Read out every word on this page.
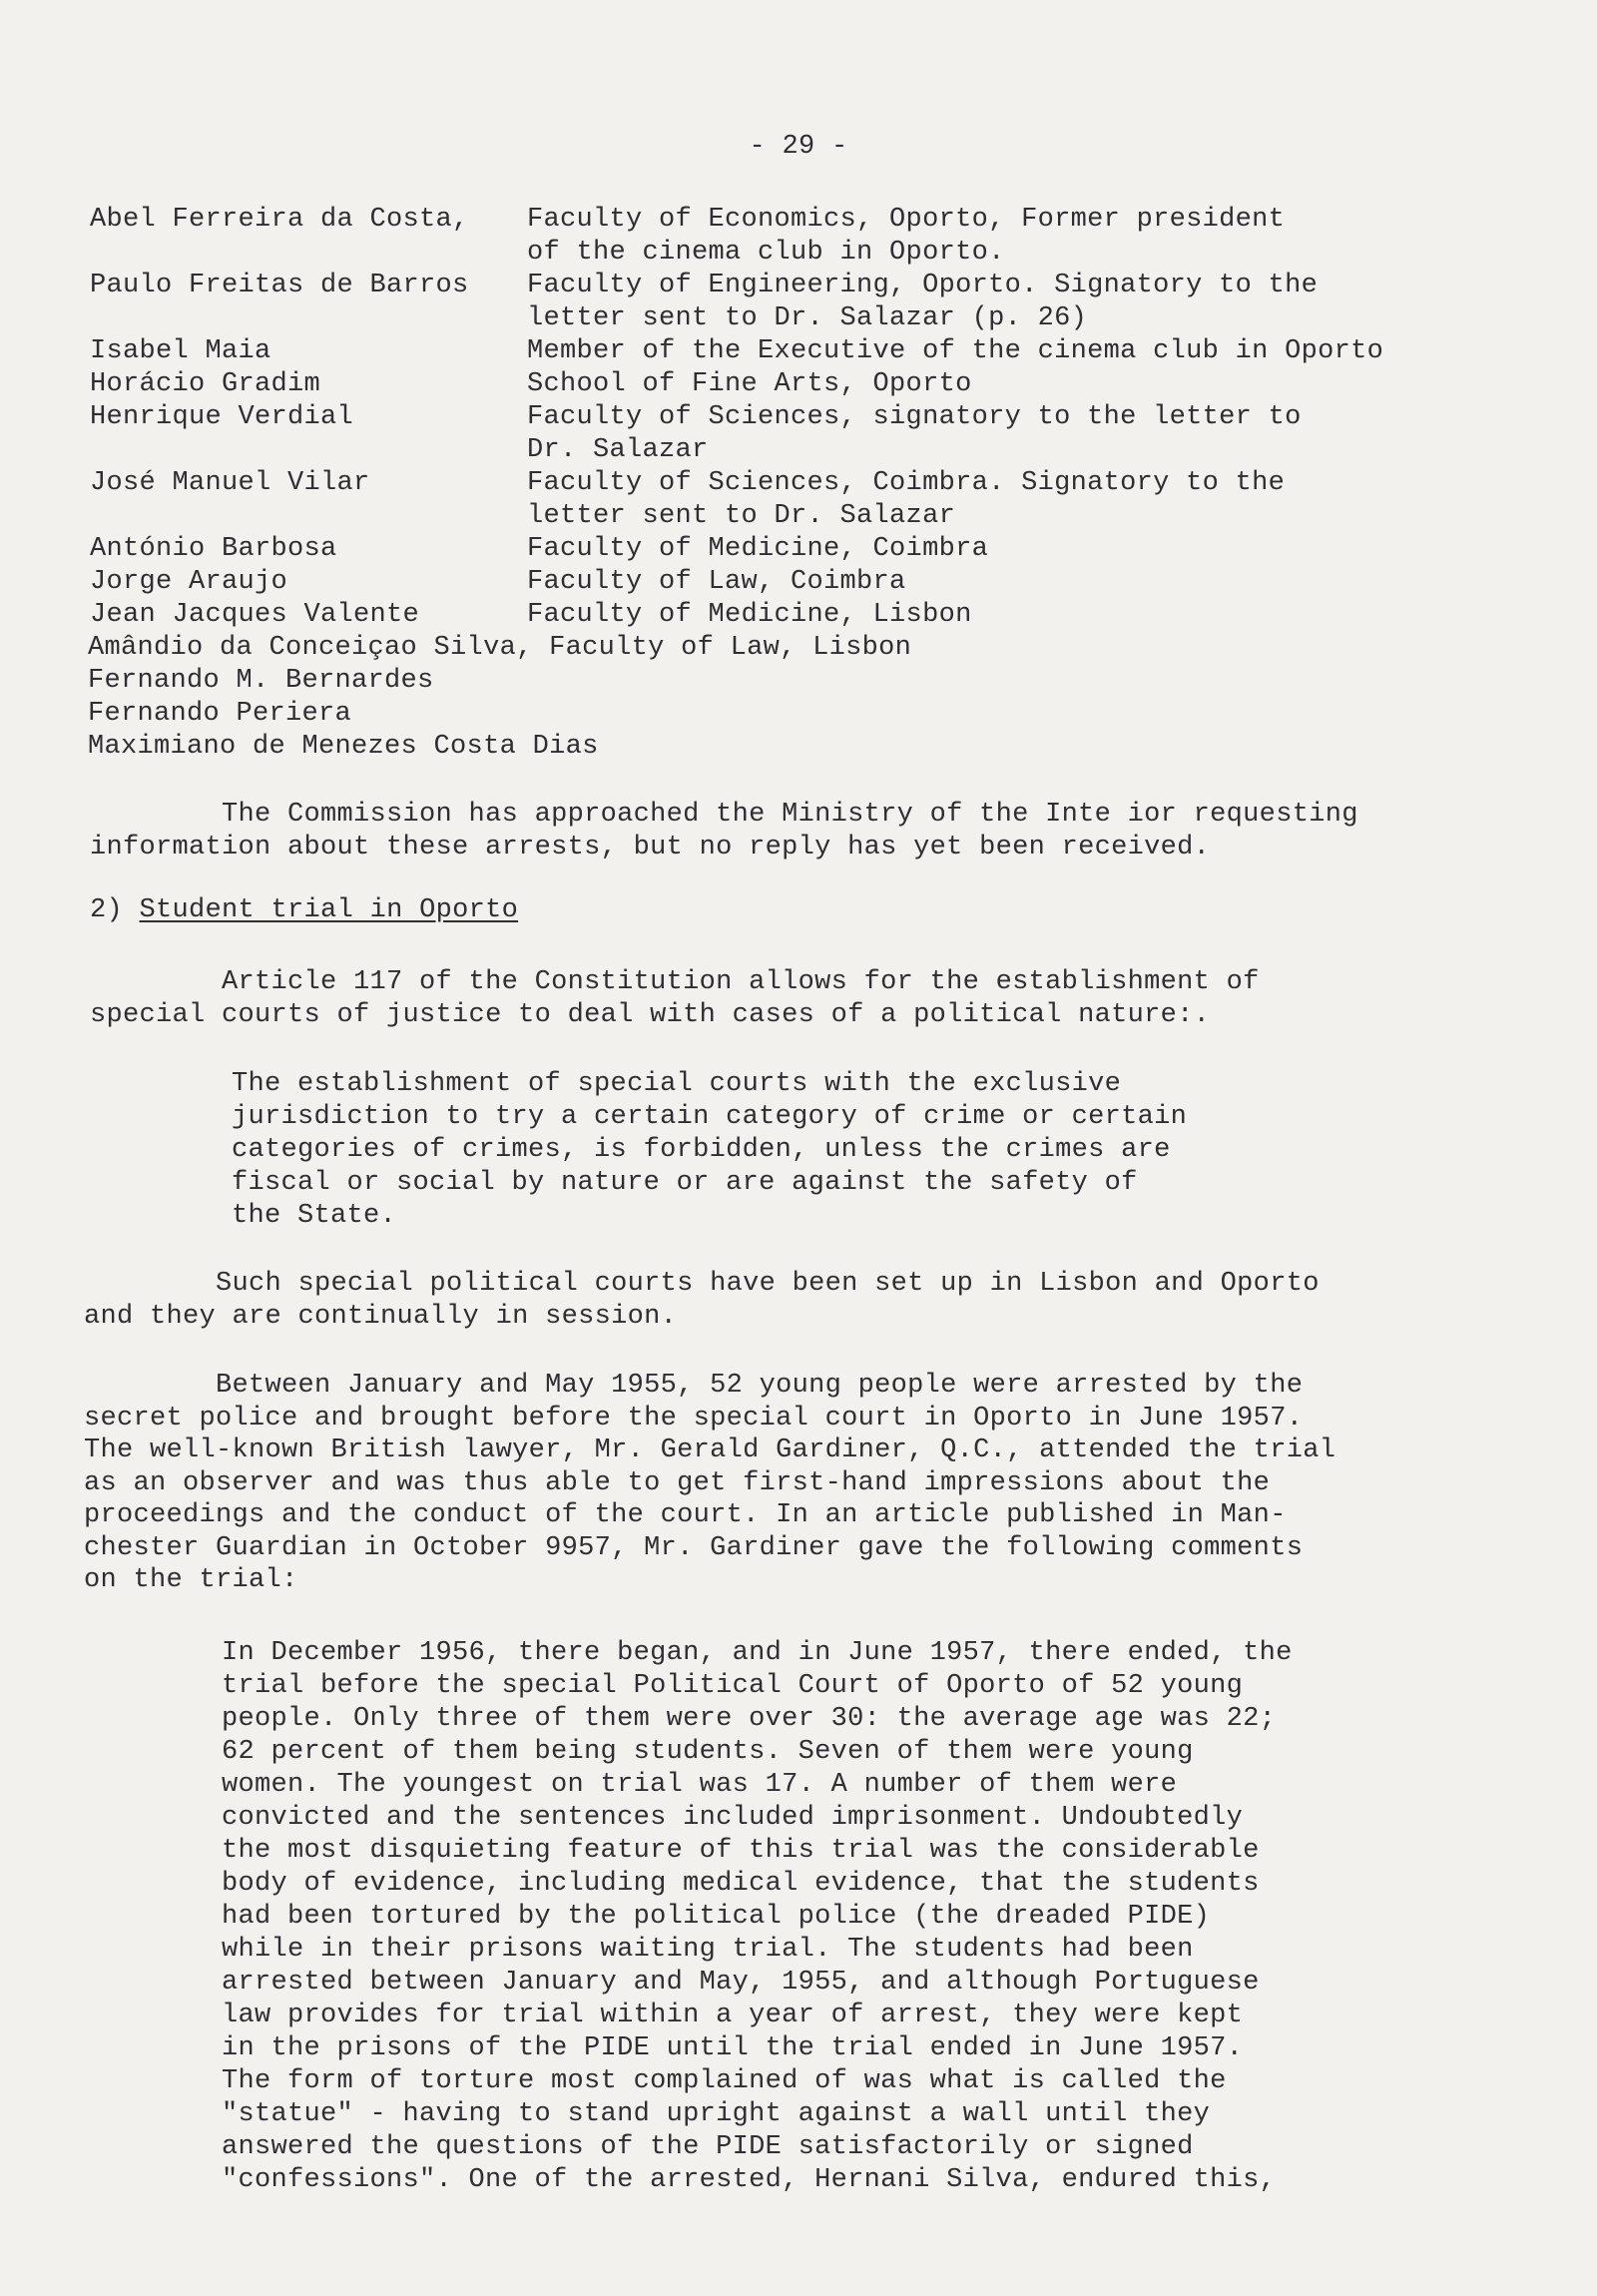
- 29 -
Abel Ferreira da Costa, Faculty of Economics, Oporto, Former president
of the cinema club in Oporto.
Paulo Freitas de Barros Faculty of Engineering, Oporto. Signatory to the
letter sent to Dr. Salazar (p. 26)
Isabel Maia	Member of the Executive of the cinema club in Oporto
Horácio Gradim	School of Fine Arts, Oporto
Henrique Verdial	Faculty of Sciences, signatory to the letter to
Dr. Salazar
José Manuel Vilar	Faculty of Sciences, Coimbra. Signatory to the
letter sent to Dr. Salazar
António Barbosa	Faculty of Medicine, Coimbra
Jorge Araujo	Faculty of Law, Coimbra
Jean Jacques Valente	Faculty of Medicine, Lisbon
Amândio da Conceiçao Silva, Faculty of Law, Lisbon
Fernando M. Bernardes
Fernando Periera
Maximiano de Menezes Costa Dias
The Commission has approached the Ministry of the Inte ior requesting
information about these arrests, but no reply has yet been received.
2) Student trial in Oporto
Article 117 of the Constitution allows for the establishment of
special courts of justice to deal with cases of a political nature:.
The establishment of special courts with the exclusive
jurisdiction to try a certain category of crime or certain
categories of crimes, is forbidden, unless the crimes are
fiscal or social by nature or are against the safety of
the State.
Such special political courts have been set up in Lisbon and Oporto
and they are continually in session.
Between January and May 1955, 52 young people were arrested by the
secret police and brought before the special court in Oporto in June 1957.
The well-known British lawyer, Mr. Gerald Gardiner, Q.C., attended the trial
as an observer and was thus able to get first-hand impressions about the
proceedings and the conduct of the court. In an article published in Man-
chester Guardian in October 9957, Mr. Gardiner gave the following comments
on the trial:
In December 1956, there began, and in June 1957, there ended, the
trial before the special Political Court of Oporto of 52 young
people. Only three of them were over 30: the average age was 22;
62 percent of them being students. Seven of them were young
women. The youngest on trial was 17. A number of them were
convicted and the sentences included imprisonment. Undoubtedly
the most disquieting feature of this trial was the considerable
body of evidence, including medical evidence, that the students
had been tortured by the political police (the dreaded PIDE)
while in their prisons waiting trial. The students had been
arrested between January and May, 1955, and although Portuguese
law provides for trial within a year of arrest, they were kept
in the prisons of the PIDE until the trial ended in June 1957.
The form of torture most complained of was what is called the
"statue" - having to stand upright against a wall until they
answered the questions of the PIDE satisfactorily or signed
"confessions". One of the arrested, Hernani Silva, endured this,
